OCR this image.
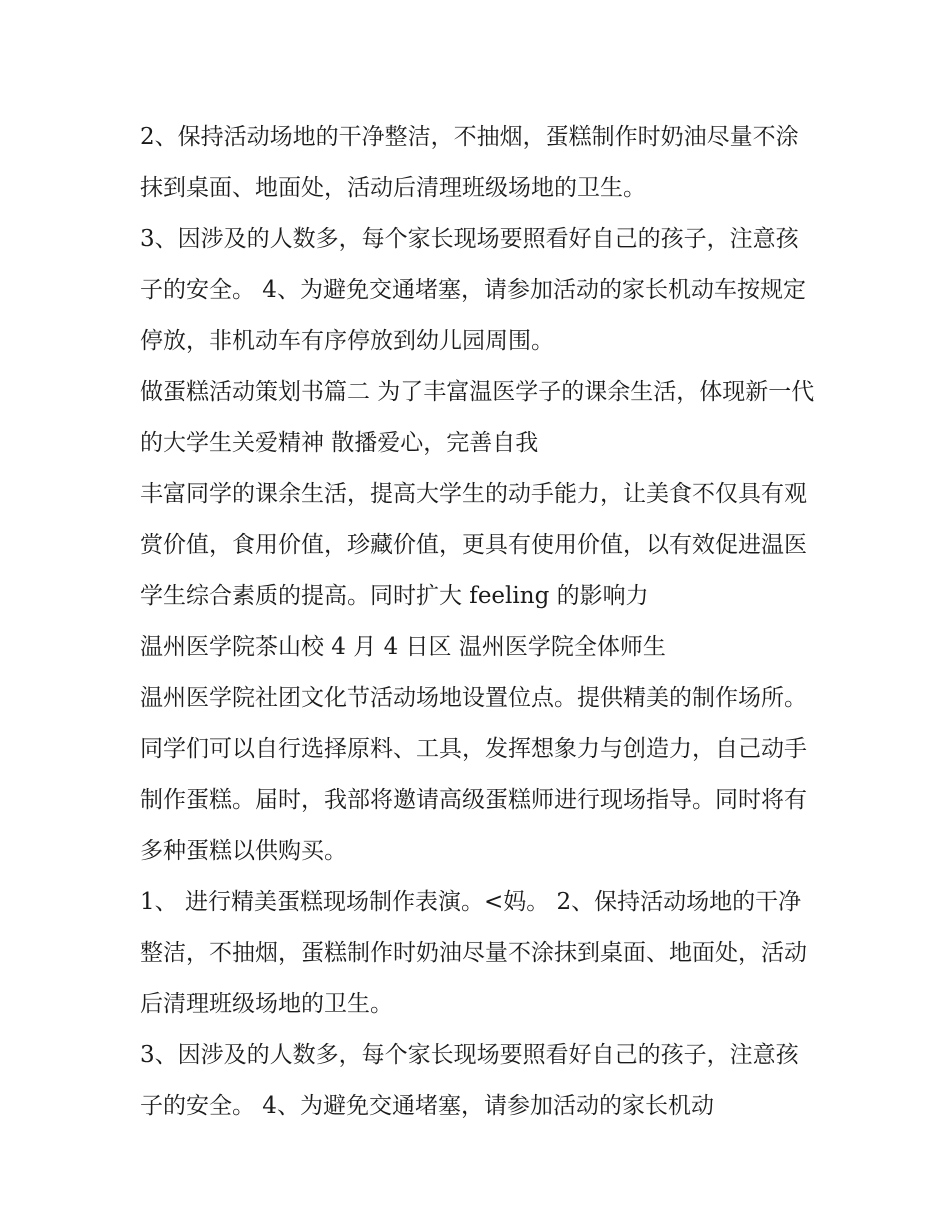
2、保持活动场地的干净整洁，不抽烟，蛋糕制作时奶油尽量不涂抹到桌面、地面处，活动后清理班级场地的卫生。

3、因涉及的人数多，每个家长现场要照看好自己的孩子，注意孩子的安全。 4、为避免交通堵塞，请参加活动的家长机动车按规定停放，非机动车有序停放到幼儿园周围。

做蛋糕活动策划书篇二 为了丰富温医学子的课余生活，体现新一代的大学生关爱精神 散播爱心，完善自我

丰富同学的课余生活，提高大学生的动手能力，让美食不仅具有观赏价值，食用价值，珍藏价值，更具有使用价值，以有效促进温医学生综合素质的提高。同时扩大 feeling 的影响力

温州医学院茶山校 4 月 4 日区 温州医学院全体师生

温州医学院社团文化节活动场地设置位点。提供精美的制作场所。同学们可以自行选择原料、工具，发挥想象力与创造力，自己动手制作蛋糕。届时，我部将邀请高级蛋糕师进行现场指导。同时将有多种蛋糕以供购买。

1、 进行精美蛋糕现场制作表演。<妈。 2、保持活动场地的干净整洁，不抽烟，蛋糕制作时奶油尽量不涂抹到桌面、地面处，活动后清理班级场地的卫生。

3、因涉及的人数多，每个家长现场要照看好自己的孩子，注意孩子的安全。 4、为避免交通堵塞，请参加活动的家长机动
